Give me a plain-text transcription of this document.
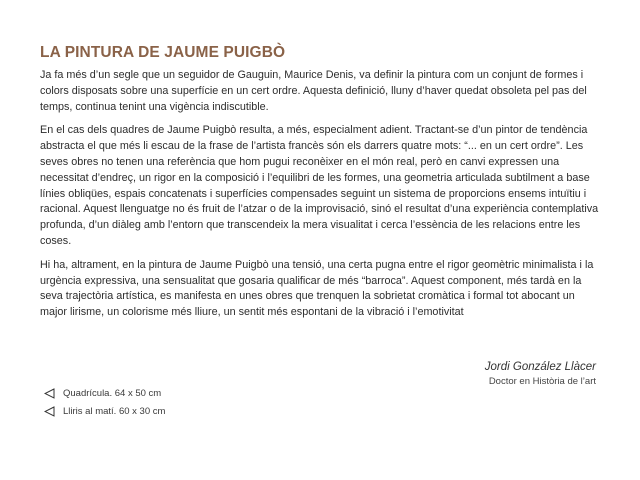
LA PINTURA DE JAUME PUIGBÒ

Ja fa més d’un segle que un seguidor de Gauguin, Maurice Denis, va definir la pintura com un conjunt de formes i colors disposats sobre una superfície en un cert ordre. Aquesta definició, lluny d’haver quedat obsoleta pel pas del temps, continua tenint una vigència indiscutible.

En el cas dels quadres de Jaume Puigbò resulta, a més, especialment adient. Tractant-se d’un pintor de tendència abstracta el que més li escau de la frase de l’artista francès són els darrers quatre mots: “... en un cert ordre”. Les seves obres no tenen una referència que hom pugui reconèixer en el món real, però en canvi expressen una necessitat d’endreç, un rigor en la composició i l’equilibri de les formes, una geometria articulada subtilment a base línies obliqües, espais concatenats i superfícies compensades seguint un sistema de proporcions ensems intuïtiu i racional. Aquest llenguatge no és fruit de l’atzar o de la improvisació, sinó el resultat d’una experiència contemplativa profunda, d’un diàleg amb l’entorn que transcendeix la mera visualitat i cerca l’essència de les relacions entre les coses.

Hi ha, altrament, en la pintura de Jaume Puigbò una tensió, una certa pugna entre el rigor geomètric minimalista i la urgència expressiva, una sensualitat que gosaria qualificar de més “barroca”. Aquest component, més tardà en la seva trajectòria artística, es manifesta en unes obres que trenquen la sobrietat cromàtica i formal tot abocant un major lirisme, un colorisme més lliure, un sentit més espontani de la vibració i l’emotivitat

Jordi González Llàcer
Doctor en Història de l’art
Quadrícula. 64 x 50 cm
Lliris al matí. 60 x 30 cm
